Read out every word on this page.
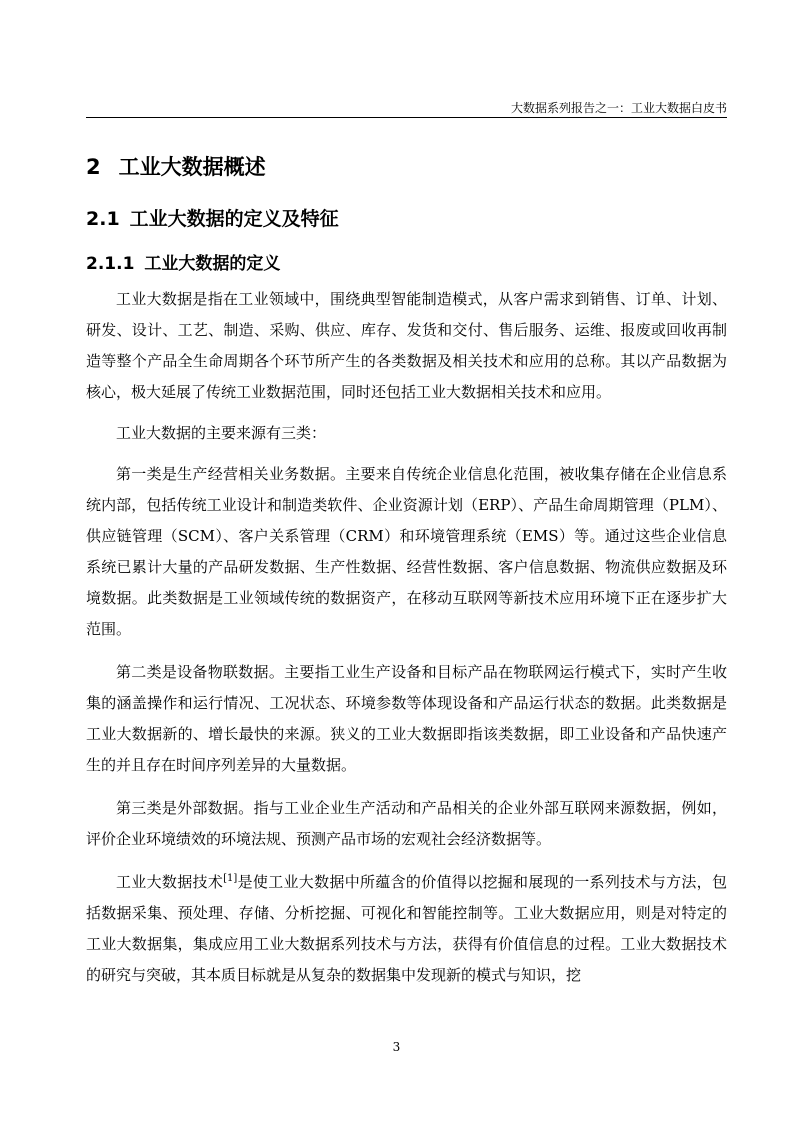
大数据系列报告之一：工业大数据白皮书
2 工业大数据概述
2.1 工业大数据的定义及特征
2.1.1 工业大数据的定义

工业大数据是指在工业领域中，围绕典型智能制造模式，从客户需求到销售、订单、计划、研发、设计、工艺、制造、采购、供应、库存、发货和交付、售后服务、运维、报废或回收再制造等整个产品全生命周期各个环节所产生的各类数据及相关技术和应用的总称。其以产品数据为核心，极大延展了传统工业数据范围，同时还包括工业大数据相关技术和应用。

工业大数据的主要来源有三类：

第一类是生产经营相关业务数据。主要来自传统企业信息化范围，被收集存储在企业信息系统内部，包括传统工业设计和制造类软件、企业资源计划（ERP）、产品生命周期管理（PLM）、供应链管理（SCM）、客户关系管理（CRM）和环境管理系统（EMS）等。通过这些企业信息系统已累计大量的产品研发数据、生产性数据、经营性数据、客户信息数据、物流供应数据及环境数据。此类数据是工业领域传统的数据资产，在移动互联网等新技术应用环境下正在逐步扩大范围。

第二类是设备物联数据。主要指工业生产设备和目标产品在物联网运行模式下，实时产生收集的涵盖操作和运行情况、工况状态、环境参数等体现设备和产品运行状态的数据。此类数据是工业大数据新的、增长最快的来源。狭义的工业大数据即指该类数据，即工业设备和产品快速产生的并且存在时间序列差异的大量数据。

第三类是外部数据。指与工业企业生产活动和产品相关的企业外部互联网来源数据，例如，评价企业环境绩效的环境法规、预测产品市场的宏观社会经济数据等。

工业大数据技术[1]是使工业大数据中所蕴含的价值得以挖掘和展现的一系列技术与方法，包括数据采集、预处理、存储、分析挖掘、可视化和智能控制等。工业大数据应用，则是对特定的工业大数据集，集成应用工业大数据系列技术与方法，获得有价值信息的过程。工业大数据技术的研究与突破，其本质目标就是从复杂的数据集中发现新的模式与知识，挖

3
